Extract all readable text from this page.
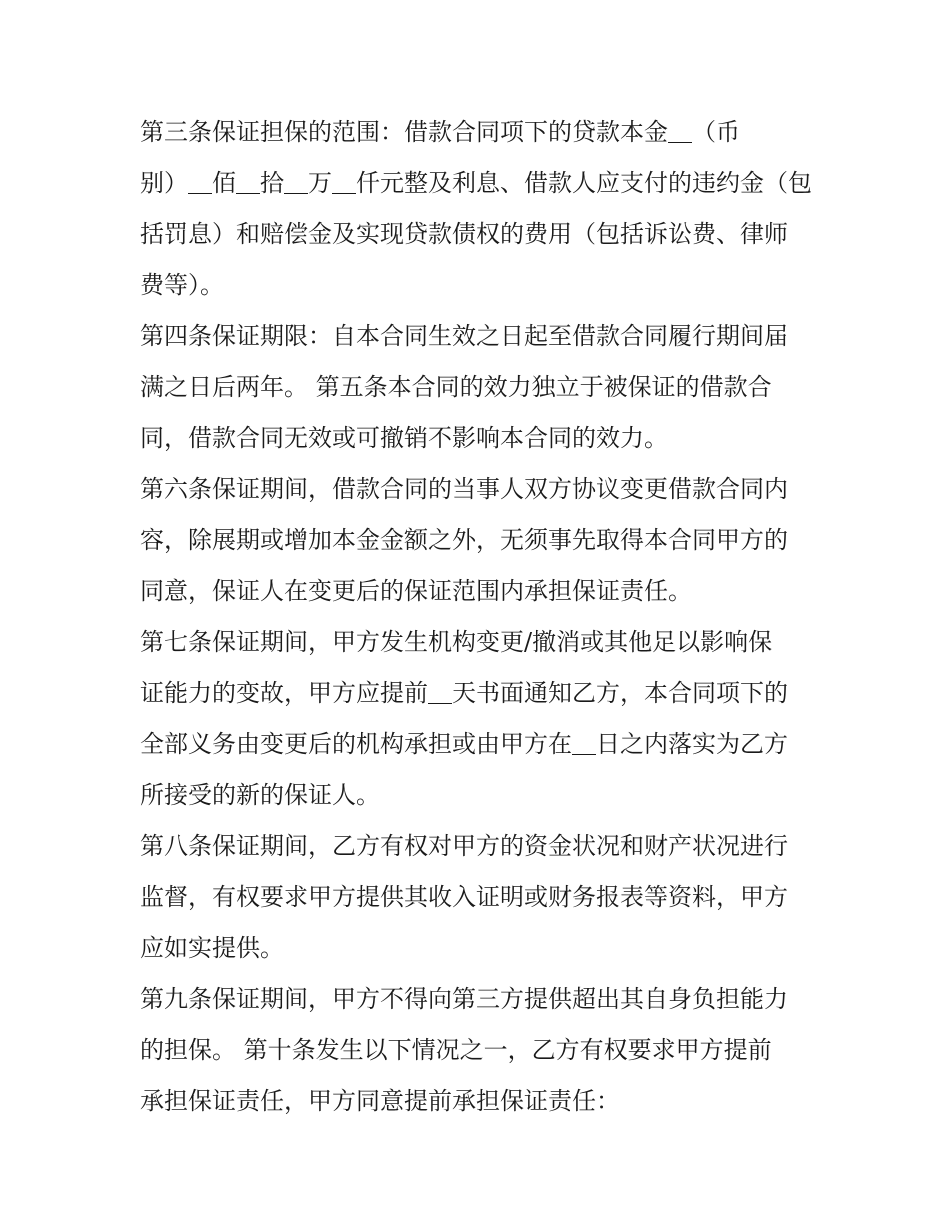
第三条保证担保的范围：借款合同项下的贷款本金＿（币
别）＿佰＿拾＿万＿仟元整及利息、借款人应支付的违约金（包
括罚息）和赔偿金及实现贷款债权的费用（包括诉讼费、律师
费等）。

第四条保证期限：自本合同生效之日起至借款合同履行期间届
满之日后两年。 第五条本合同的效力独立于被保证的借款合
同，借款合同无效或可撤销不影响本合同的效力。

第六条保证期间，借款合同的当事人双方协议变更借款合同内
容，除展期或增加本金金额之外，无须事先取得本合同甲方的
同意，保证人在变更后的保证范围内承担保证责任。

第七条保证期间，甲方发生机构变更/撤消或其他足以影响保
证能力的变故，甲方应提前＿天书面通知乙方，本合同项下的
全部义务由变更后的机构承担或由甲方在＿日之内落实为乙方
所接受的新的保证人。

第八条保证期间，乙方有权对甲方的资金状况和财产状况进行
监督，有权要求甲方提供其收入证明或财务报表等资料，甲方
应如实提供。

第九条保证期间，甲方不得向第三方提供超出其自身负担能力
的担保。 第十条发生以下情况之一，乙方有权要求甲方提前
承担保证责任，甲方同意提前承担保证责任：
